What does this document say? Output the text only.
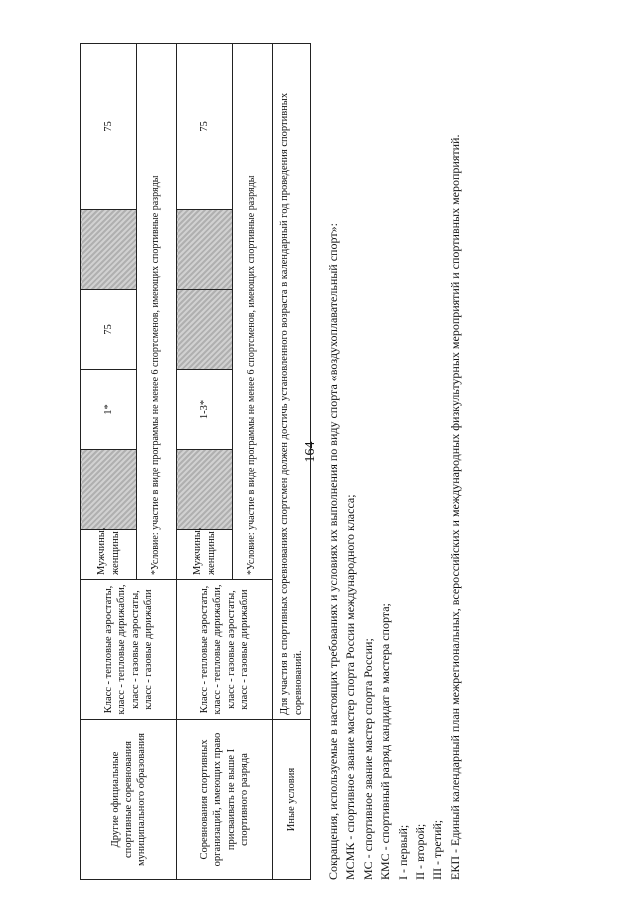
164
Другие официальные спортивные соревнования муниципального образования	Класс - тепловые аэростаты, класс - тепловые дирижабли, класс - газовые аэростаты, класс - газовые дирижабли	Мужчины, женщины		1*	75		75
		*Условие: участие в виде программы не менее 6 спортсменов, имеющих спортивные разряды					
Соревнования спортивных организаций, имеющих право присваивать не выше I спортивного разряда	Класс - тепловые аэростаты, класс - тепловые дирижабли, класс - газовые аэростаты, класс - газовые дирижабли	Мужчины, женщины		1-3*			75
		*Условие: участие в виде программы не менее 6 спортсменов, имеющих спортивные разряды					
Иные условия	Для участия в спортивных соревнованиях спортсмен должен достичь установленного возраста в календарный год проведения спортивных соревнований.						Сокращения, используемые в настоящих требованиях и условиях их выполнения по виду спорта «воздухоплавательный спорт»: МСМК - спортивное звание мастер спорта России международного класса; МС - спортивное звание мастер спорта России; КМС - спортивный разряд кандидат в мастера спорта; I - первый; II - второй; III - третий; ЕКП - Единый календарный план межрегиональных, всероссийских и международных физкультурных мероприятий и спортивных мероприятий.
